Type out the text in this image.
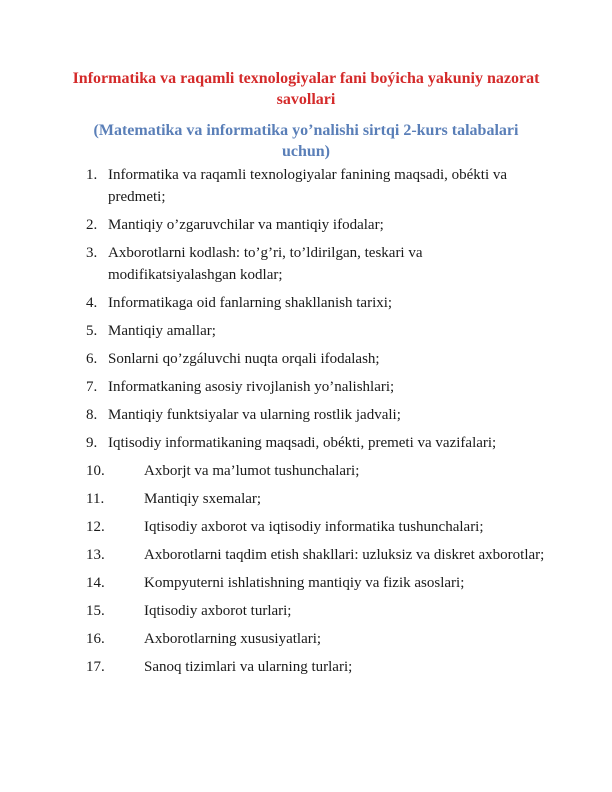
Informatika va raqamli texnologiyalar fani boýicha yakuniy nazorat savollari
(Matematika va informatika yo’nalishi sirtqi 2-kurs talabalari uchun)
1. Informatika va raqamli texnologiyalar fanining maqsadi, obékti va predmeti;
2. Mantiqiy o’zgaruvchilar va mantiqiy ifodalar;
3. Axborotlarni kodlash: to’g’ri, to’ldirilgan, teskari va modifikatsiyalashgan kodlar;
4. Informatikaga oid fanlarning shakllanish tarixi;
5. Mantiqiy amallar;
6. Sonlarni qo’zgáluvchi nuqta orqali ifodalash;
7. Informatkaning asosiy rivojlanish yo’nalishlari;
8. Mantiqiy funktsiyalar va ularning rostlik jadvali;
9. Iqtisodiy informatikaning maqsadi, obékti, premeti va vazifalari;
10.	Axborjt va ma’lumot tushunchalari;
11.	Mantiqiy sxemalar;
12.	Iqtisodiy axborot va iqtisodiy informatika tushunchalari;
13.	Axborotlarni taqdim etish shakllari: uzluksiz va diskret axborotlar;
14.	Kompyuterni ishlatishning mantiqiy va fizik asoslari;
15.	Iqtisodiy axborot turlari;
16.	Axborotlarning xususiyatlari;
17.	Sanoq tizimlari va ularning turlari;
